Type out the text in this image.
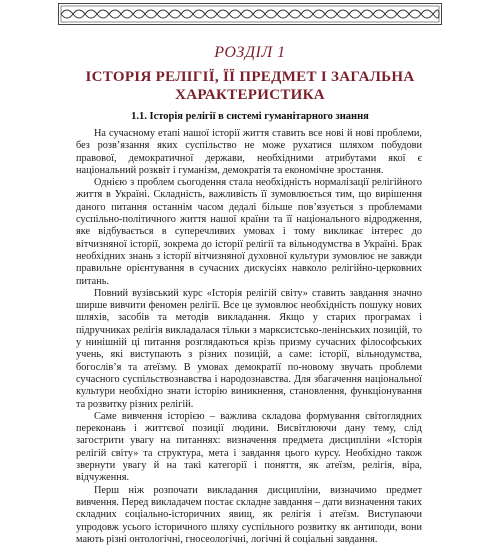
РОЗДІЛ 1
ІСТОРІЯ РЕЛІГІЇ, ЇЇ ПРЕДМЕТ І ЗАГАЛЬНА ХАРАКТЕРИСТИКА
1.1. Історія релігії в системі гуманітарного знання

На сучасному етапі нашої історії життя ставить все нові й нові проблеми, без розв’язання яких суспільство не може рухатися шляхом побудови правової, демократичної держави, необхідними атрибутами якої є національний розквіт і гуманізм, демократія та економічне зростання.

Однією з проблем сьогодення стала необхідність нормалізації релігійного життя в Україні. Складність, важливість її зумовлюється тим, що вирішення даного питання останнім часом дедалі більше пов’язується з проблемами суспільно-політичного життя нашої країни та її національного відродження, яке відбувається в суперечливих умовах і тому викликає інтерес до вітчизняної історії, зокрема до історії релігії та вільнодумства в Україні. Брак необхідних знань з історії вітчизняної духовної культури зумовлює не завжди правильне орієнтування в сучасних дискусіях навколо релігійно-церковних питань.

Повний вузівський курс «Історія релігій світу» ставить завдання значно ширше вивчити феномен релігії. Все це зумовлює необхідність пошуку нових шляхів, засобів та методів викладання. Якщо у старих програмах і підручниках релігія викладалася тільки з марксистсько-ленінських позицій, то у нинішній ці питання розглядаються крізь призму сучасних філософських учень, які виступають з різних позицій, а саме: історії, вільнодумства, богослів’я та атеїзму. В умовах демократії по-новому звучать проблеми сучасного суспільствознавства і народознавства. Для збагачення національної культури необхідно знати історію виникнення, становлення, функціонування та розвитку різних релігій.

Саме вивчення історією – важлива складова формування світоглядних переконань і життєвої позиції людини. Висвітлюючи дану тему, слід загострити увагу на питаннях: визначення предмета дисципліни «Історія релігій світу» та структура, мета і завдання цього курсу. Необхідно також звернути увагу й на такі категорії і поняття, як атеїзм, релігія, віра, відчуження.

Перш ніж розпочати викладання дисципліни, визначимо предмет вивчення. Перед викладачем постає складне завдання – дати визначення таких складних соціально-історичних явищ, як релігія і атеїзм. Виступаючи упродовж усього історичного шляху суспільного розвитку як антиподи, вони мають різні онтологічні, гносеологічні, логічні й соціальні завдання.
